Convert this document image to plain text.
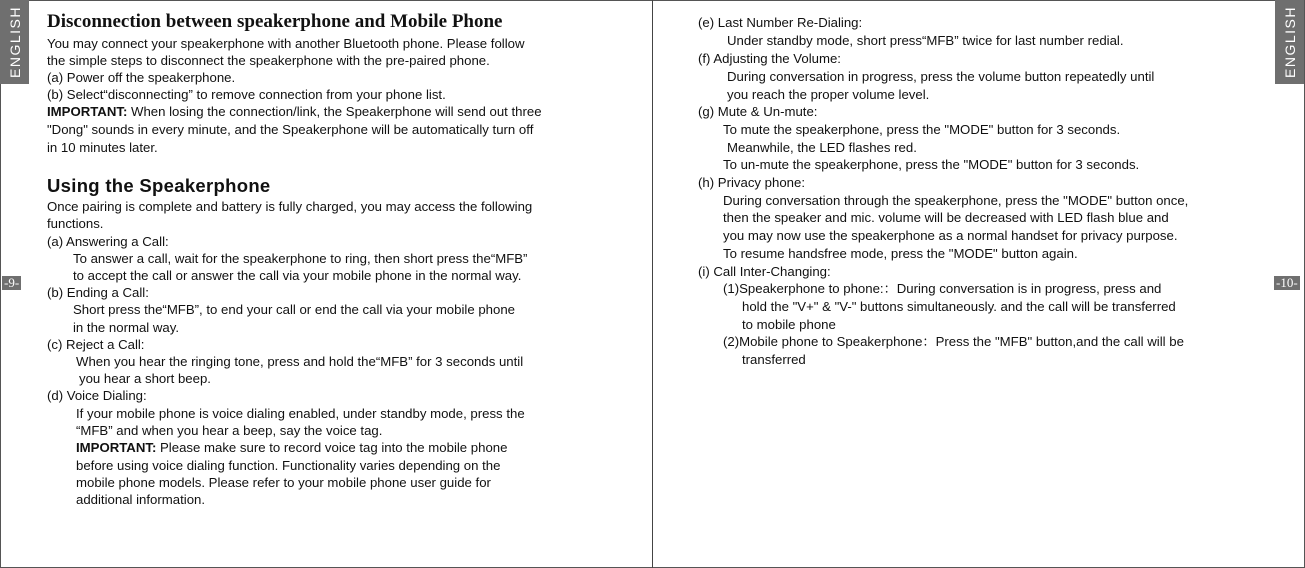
ENGLISH	ENGLISH
-9-	-10-
Disconnection between speakerphone and Mobile Phone
You may connect your speakerphone with another Bluetooth phone. Please follow
the simple steps to disconnect the speakerphone with the pre-paired phone.
(a) Power off the speakerphone.
(b) Select“disconnecting” to remove connection from your phone list.
IMPORTANT: When losing the connection/link, the Speakerphone will send out three
"Dong" sounds in every minute, and the Speakerphone will be automatically turn off
in 10 minutes later.
Using the Speakerphone
Once pairing is complete and battery is fully charged, you may access the following
functions.
(a) Answering a Call:
To answer a call, wait for the speakerphone to ring, then short press the“MFB”
to accept the call or answer the call via your mobile phone in the normal way.
(b) Ending a Call:
Short press the“MFB”, to end your call or end the call via your mobile phone
in the normal way.
(c) Reject a Call:
When you hear the ringing tone, press and hold the“MFB” for 3 seconds until
you hear a short beep.
(d) Voice Dialing:
If your mobile phone is voice dialing enabled, under standby mode, press the
“MFB” and when you hear a beep, say the voice tag.
IMPORTANT: Please make sure to record voice tag into the mobile phone
before using voice dialing function. Functionality varies depending on the
mobile phone models. Please refer to your mobile phone user guide for
additional information.
(e) Last Number Re-Dialing:
Under standby mode, short press“MFB” twice for last number redial.
(f) Adjusting the Volume:
During conversation in progress, press the volume button repeatedly until
you reach the proper volume level.
(g) Mute & Un-mute:
To mute the speakerphone, press the "MODE" button for 3 seconds.
Meanwhile, the LED flashes red.
To un-mute the speakerphone, press the "MODE" button for 3 seconds.
(h) Privacy phone:
During conversation through the speakerphone, press the "MODE" button once,
then the speaker and mic. volume will be decreased with LED flash blue and
you may now use the speakerphone as a normal handset for privacy purpose.
To resume handsfree mode, press the "MODE" button again.
(i) Call Inter-Changing:
(1)Speakerphone to phone:：During conversation is in progress, press and
hold the "V+" & "V-" buttons simultaneously. and the call will be transferred
to mobile phone
(2)Mobile phone to Speakerphone：Press the "MFB" button,and the call will be
transferred
